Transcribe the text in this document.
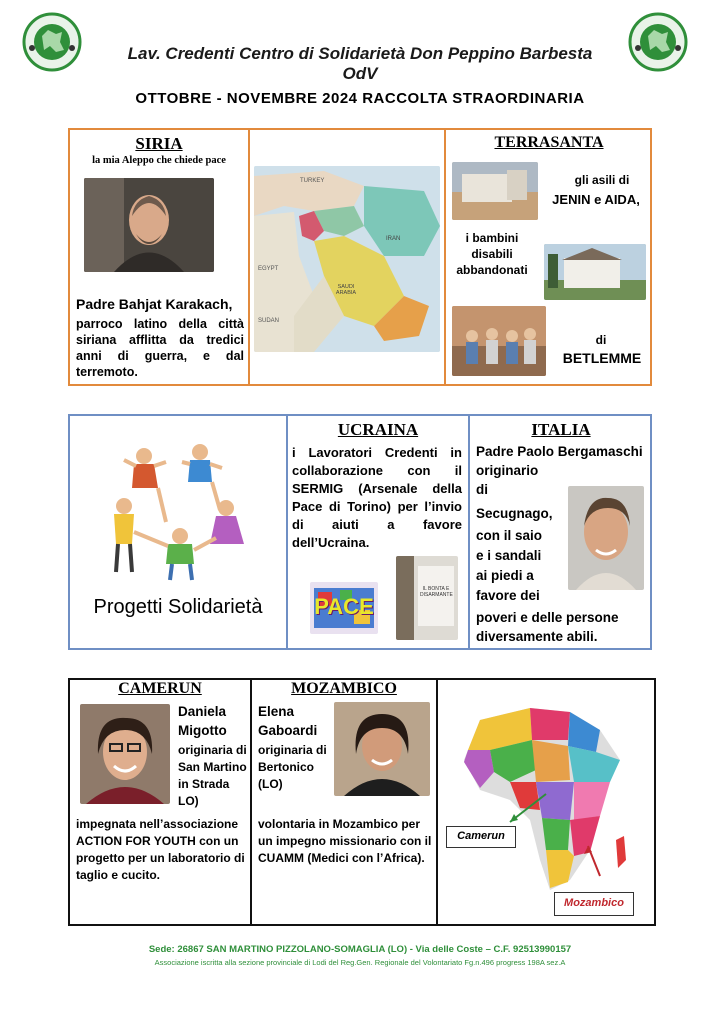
Lav. Credenti Centro di Solidarietà Don Peppino Barbesta OdV
OTTOBRE - NOVEMBRE 2024 RACCOLTA STRAORDINARIA
SIRIA
la mia Aleppo che chiede pace
Padre Bahjat Karakach,
parroco latino della città siriana afflitta da tredici anni di guerra, e dal terremoto.
EGYPT
SUDAN
IRAN
SAUDI ARABIA
TURKEY
TERRASANTA
gli asili di
JENIN e AIDA,
i bambini disabili abbandonati
di
BETLEMME
Progetti Solidarietà
UCRAINA
i Lavoratori Credenti in collaborazione con il SERMIG (Arsenale della Pace di Torino) per l’invio di aiuti a favore dell’Ucraina.
PACE
IL BONTA E DISARMANTE
ITALIA
Padre Paolo Bergamaschi originario
di
Secugnago,
con il saio
e i sandali
ai piedi a
favore dei
poveri e delle persone diversamente abili.
CAMERUN
Daniela Migotto
originaria di San Martino in Strada LO)
impegnata nell’associazione ACTION FOR YOUTH con un progetto per un laboratorio di taglio e cucito.
MOZAMBICO
Elena Gaboardi
originaria di Bertonico (LO)
volontaria in Mozambico per un impegno missionario con il CUAMM (Medici con l’Africa).
Camerun
Mozambico
Sede: 26867 SAN MARTINO PIZZOLANO-SOMAGLIA (LO) - Via delle Coste – C.F. 92513990157
Associazione iscritta alla sezione provinciale di Lodi del Reg.Gen. Regionale del Volontariato Fg.n.496 progress 198A sez.A
